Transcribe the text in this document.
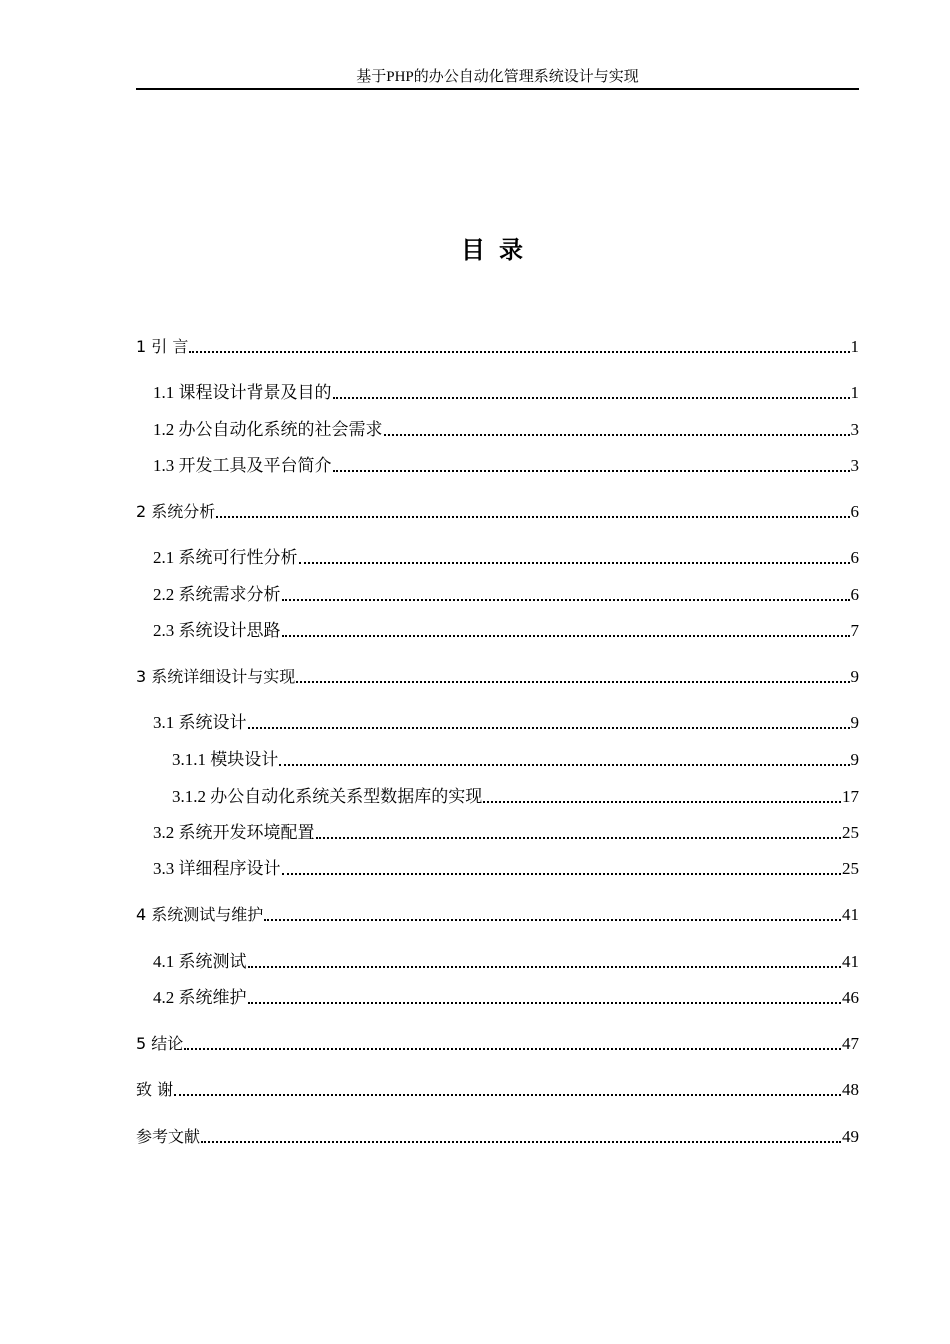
基于PHP的办公自动化管理系统设计与实现
目录
1 引 言	1
1.1 课程设计背景及目的	1
1.2 办公自动化系统的社会需求	3
1.3 开发工具及平台简介	3
2 系统分析	6
2.1 系统可行性分析	6
2.2 系统需求分析	6
2.3 系统设计思路	7
3 系统详细设计与实现	9
3.1 系统设计	9
3.1.1 模块设计	9
3.1.2 办公自动化系统关系型数据库的实现	17
3.2 系统开发环境配置	25
3.3 详细程序设计	25
4 系统测试与维护	41
4.1 系统测试	41
4.2 系统维护	46
5 结论	47
致 谢	48
参考文献	49
